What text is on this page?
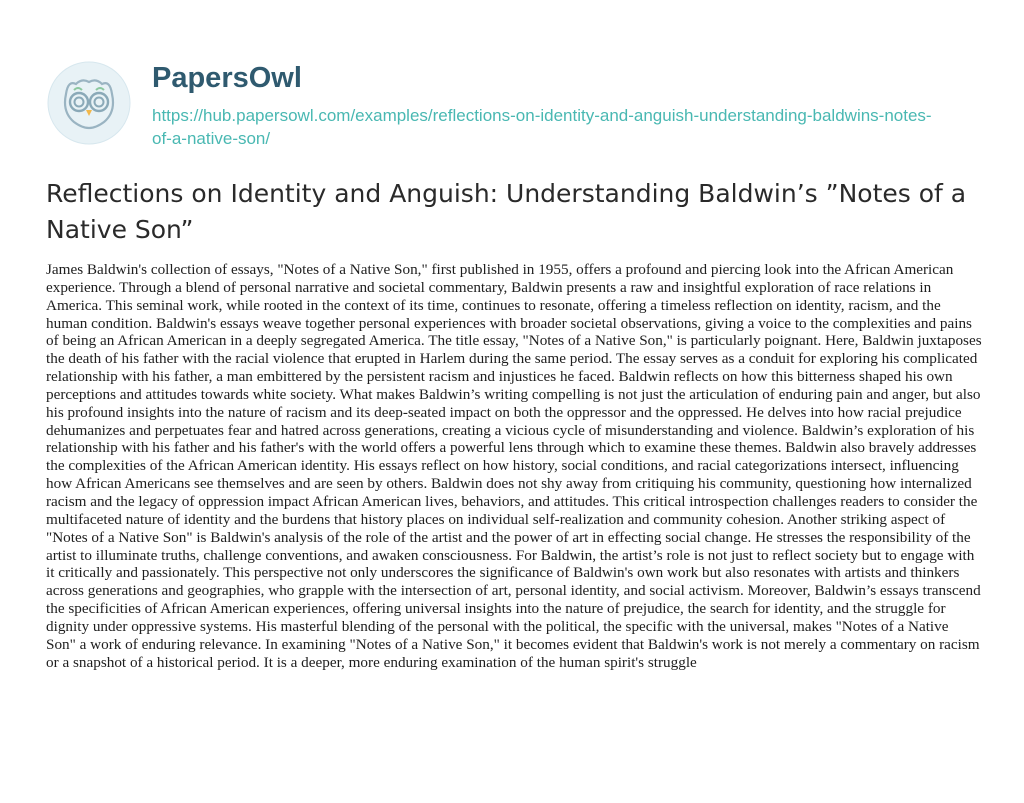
PapersOwl
https://hub.papersowl.com/examples/reflections-on-identity-and-anguish-understanding-baldwins-notes-of-a-native-son/
Reflections on Identity and Anguish: Understanding Baldwin’s ”Notes of a Native Son”

James Baldwin's collection of essays, "Notes of a Native Son," first published in 1955, offers a profound and piercing look into the African American experience. Through a blend of personal narrative and societal commentary, Baldwin presents a raw and insightful exploration of race relations in America. This seminal work, while rooted in the context of its time, continues to resonate, offering a timeless reflection on identity, racism, and the human condition. Baldwin's essays weave together personal experiences with broader societal observations, giving a voice to the complexities and pains of being an African American in a deeply segregated America. The title essay, "Notes of a Native Son," is particularly poignant. Here, Baldwin juxtaposes the death of his father with the racial violence that erupted in Harlem during the same period. The essay serves as a conduit for exploring his complicated relationship with his father, a man embittered by the persistent racism and injustices he faced. Baldwin reflects on how this bitterness shaped his own perceptions and attitudes towards white society. What makes Baldwin’s writing compelling is not just the articulation of enduring pain and anger, but also his profound insights into the nature of racism and its deep-seated impact on both the oppressor and the oppressed. He delves into how racial prejudice dehumanizes and perpetuates fear and hatred across generations, creating a vicious cycle of misunderstanding and violence. Baldwin’s exploration of his relationship with his father and his father's with the world offers a powerful lens through which to examine these themes. Baldwin also bravely addresses the complexities of the African American identity. His essays reflect on how history, social conditions, and racial categorizations intersect, influencing how African Americans see themselves and are seen by others. Baldwin does not shy away from critiquing his community, questioning how internalized racism and the legacy of oppression impact African American lives, behaviors, and attitudes. This critical introspection challenges readers to consider the multifaceted nature of identity and the burdens that history places on individual self-realization and community cohesion. Another striking aspect of "Notes of a Native Son" is Baldwin's analysis of the role of the artist and the power of art in effecting social change. He stresses the responsibility of the artist to illuminate truths, challenge conventions, and awaken consciousness. For Baldwin, the artist’s role is not just to reflect society but to engage with it critically and passionately. This perspective not only underscores the significance of Baldwin's own work but also resonates with artists and thinkers across generations and geographies, who grapple with the intersection of art, personal identity, and social activism. Moreover, Baldwin’s essays transcend the specificities of African American experiences, offering universal insights into the nature of prejudice, the search for identity, and the struggle for dignity under oppressive systems. His masterful blending of the personal with the political, the specific with the universal, makes "Notes of a Native Son" a work of enduring relevance. In examining "Notes of a Native Son," it becomes evident that Baldwin's work is not merely a commentary on racism or a snapshot of a historical period. It is a deeper, more enduring examination of the human spirit's struggle
